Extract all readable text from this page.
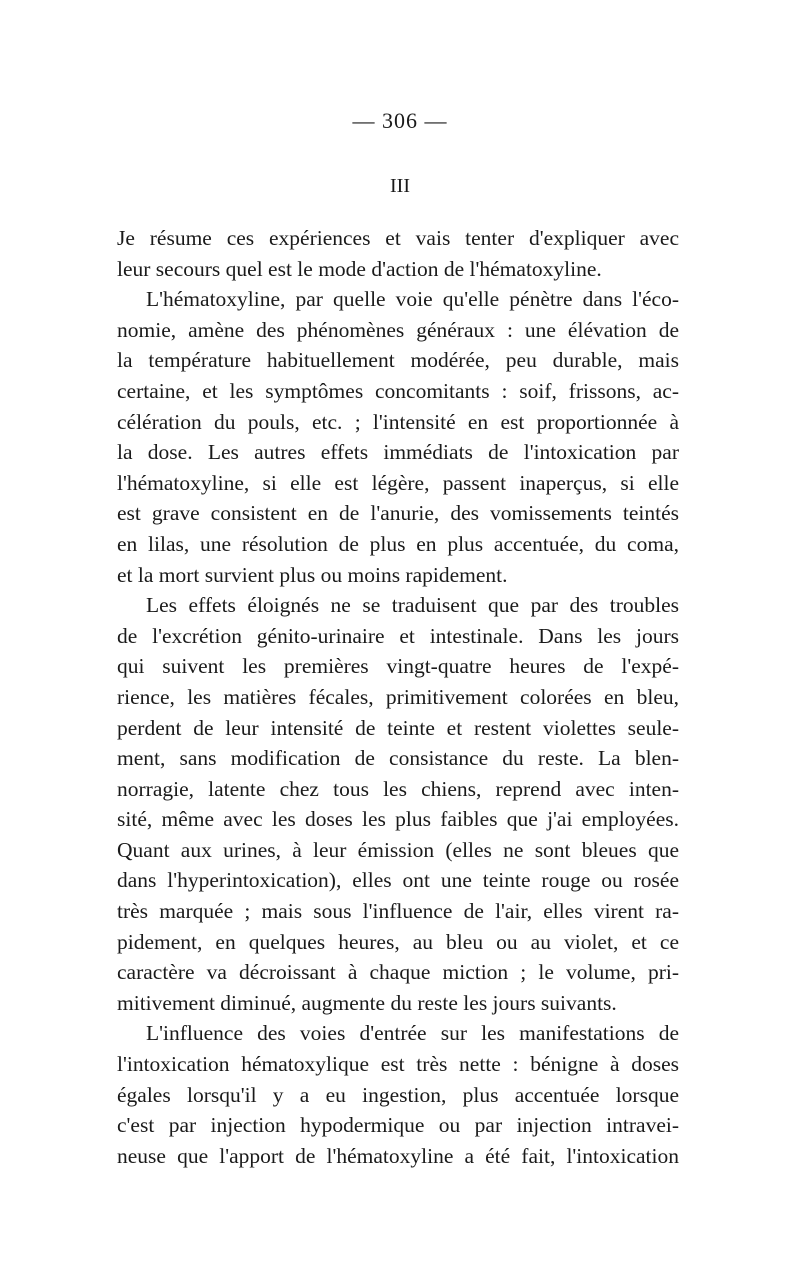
— 306 —
III
Je résume ces expériences et vais tenter d'expliquer avec
leur secours quel est le mode d'action de l'hématoxyline.
L'hématoxyline, par quelle voie qu'elle pénètre dans l'éco-
nomie, amène des phénomènes généraux : une élévation de
la température habituellement modérée, peu durable, mais
certaine, et les symptômes concomitants : soif, frissons, ac-
célération du pouls, etc. ; l'intensité en est proportionnée à
la dose. Les autres effets immédiats de l'intoxication par
l'hématoxyline, si elle est légère, passent inaperçus, si elle
est grave consistent en de l'anurie, des vomissements teintés
en lilas, une résolution de plus en plus accentuée, du coma,
et la mort survient plus ou moins rapidement.
Les effets éloignés ne se traduisent que par des troubles
de l'excrétion génito-urinaire et intestinale. Dans les jours
qui suivent les premières vingt-quatre heures de l'expé-
rience, les matières fécales, primitivement colorées en bleu,
perdent de leur intensité de teinte et restent violettes seule-
ment, sans modification de consistance du reste. La blen-
norragie, latente chez tous les chiens, reprend avec inten-
sité, même avec les doses les plus faibles que j'ai employées.
Quant aux urines, à leur émission (elles ne sont bleues que
dans l'hyperintoxication), elles ont une teinte rouge ou rosée
très marquée ; mais sous l'influence de l'air, elles virent ra-
pidement, en quelques heures, au bleu ou au violet, et ce
caractère va décroissant à chaque miction ; le volume, pri-
mitivement diminué, augmente du reste les jours suivants.
L'influence des voies d'entrée sur les manifestations de
l'intoxication hématoxylique est très nette : bénigne à doses
égales lorsqu'il y a eu ingestion, plus accentuée lorsque
c'est par injection hypodermique ou par injection intravei-
neuse que l'apport de l'hématoxyline a été fait, l'intoxication
